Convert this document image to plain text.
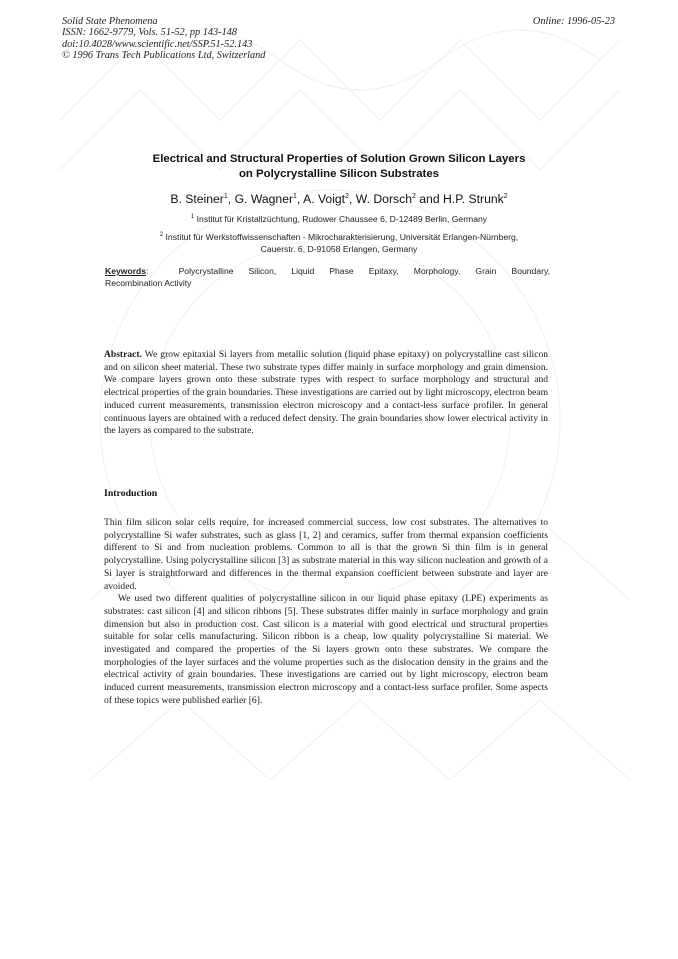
Solid State Phenomena
ISSN: 1662-9779, Vols. 51-52, pp 143-148
doi:10.4028/www.scientific.net/SSP.51-52.143
© 1996 Trans Tech Publications Ltd, Switzerland
Online: 1996-05-23
Electrical and Structural Properties of Solution Grown Silicon Layers
on Polycrystalline Silicon Substrates
B. Steiner$^1$, G. Wagner$^1$, A. Voigt$^2$, W. Dorsch$^2$ and H.P. Strunk$^2$
$^1$ Institut für Kristallzüchtung, Rudower Chaussee 6, D-12489 Berlin, Germany
$^2$ Institut für Werkstoffwissenschaften - Mikrocharakterisierung, Universität Erlangen-Nürnberg,
Cauerstr. 6, D-91058 Erlangen, Germany
Keywords:  Polycrystalline Silicon, Liquid Phase Epitaxy, Morphology, Grain Boundary,
Recombination Activity
Abstract. We grow epitaxial Si layers from metallic solution (liquid phase epitaxy) on polycrystalline cast silicon and on silicon sheet material. These two substrate types differ mainly in surface morphology and grain dimension. We compare layers grown onto these substrate types with respect to surface morphology and structural and electrical properties of the grain boundaries. These investigations are carried out by light microscopy, electron beam induced current measurements, transmission electron microscopy and a contact-less surface profiler. In general continuous layers are obtained with a reduced defect density. The grain boundaries show lower electrical activity in the layers as compared to the substrate.
Introduction

Thin film silicon solar cells require, for increased commercial success, low cost substrates. The alternatives to polycrystalline Si wafer substrates, such as glass [1, 2] and ceramics, suffer from thermal expansion coefficients different to Si and from nucleation problems. Common to all is that the grown Si thin film is in general polycrystalline. Using polycrystalline silicon [3] as substrate material in this way silicon nucleation and growth of a Si layer is straightforward and differences in the thermal expansion coefficient between substrate and layer are avoided.

We used two different qualities of polycrystalline silicon in our liquid phase epitaxy (LPE) experiments as substrates: cast silicon [4] and silicon ribbons [5]. These substrates differ mainly in surface morphology and grain dimension but also in production cost. Cast silicon is a material with good electrical und structural properties suitable for solar cells manufacturing. Silicon ribbon is a cheap, low quality polycrystalline Si material. We investigated and compared the properties of the Si layers grown onto these substrates. We compare the morphologies of the layer surfaces and the volume properties such as the dislocation density in the grains and the electrical activity of grain boundaries. These investigations are carried out by light microscopy, electron beam induced current measurements, transmission electron microscopy and a contact-less surface profiler. Some aspects of these topics were published earlier [6].
